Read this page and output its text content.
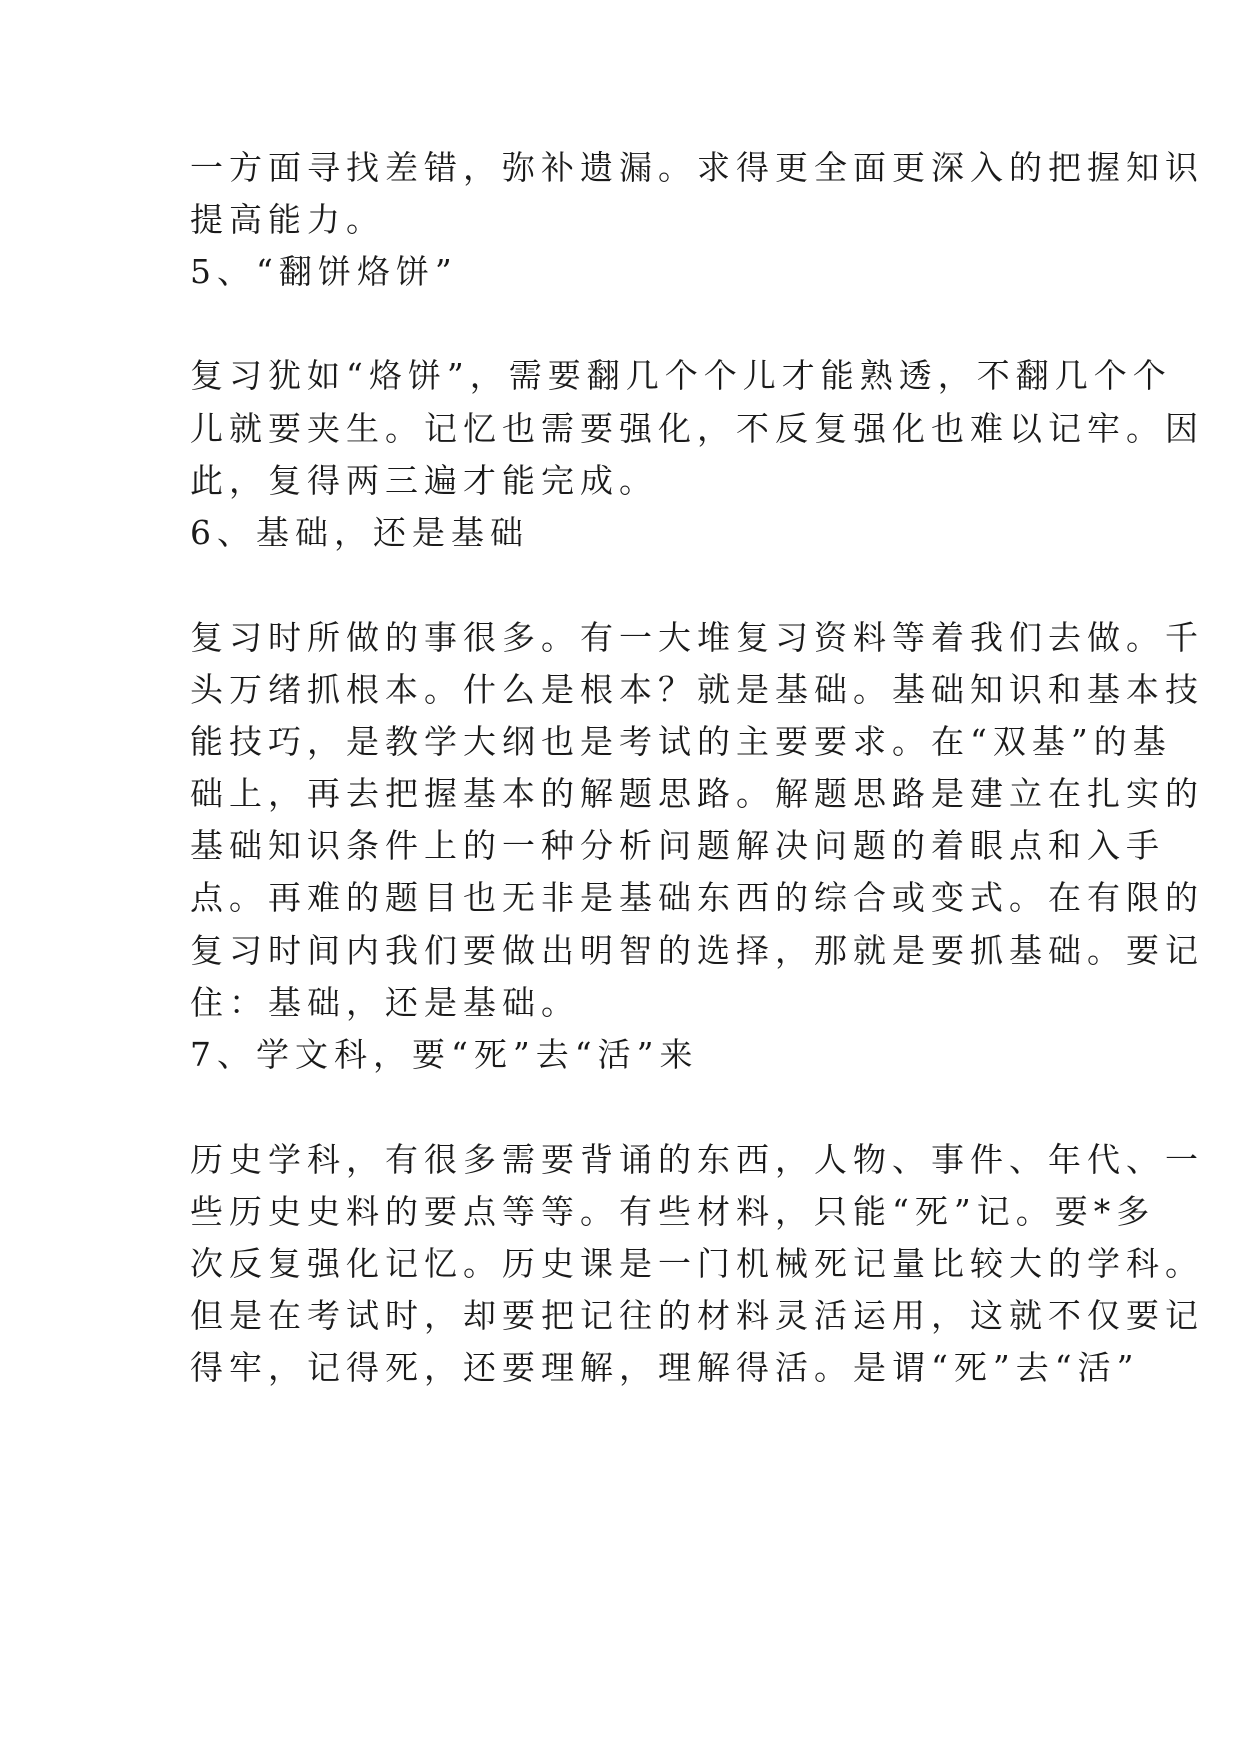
一方面寻找差错，弥补遗漏。求得更全面更深入的把握知识
提高能力。
5、“翻饼烙饼”
复习犹如“烙饼”，需要翻几个个儿才能熟透，不翻几个个
儿就要夹生。记忆也需要强化，不反复强化也难以记牢。因
此，复得两三遍才能完成。
6、基础，还是基础
复习时所做的事很多。有一大堆复习资料等着我们去做。千
头万绪抓根本。什么是根本？就是基础。基础知识和基本技
能技巧，是教学大纲也是考试的主要要求。在“双基”的基
础上，再去把握基本的解题思路。解题思路是建立在扎实的
基础知识条件上的一种分析问题解决问题的着眼点和入手
点。再难的题目也无非是基础东西的综合或变式。在有限的
复习时间内我们要做出明智的选择，那就是要抓基础。要记
住：基础，还是基础。
7、学文科，要“死”去“活”来
历史学科，有很多需要背诵的东西，人物、事件、年代、一
些历史史料的要点等等。有些材料，只能“死”记。要*多
次反复强化记忆。历史课是一门机械死记量比较大的学科。
但是在考试时，却要把记往的材料灵活运用，这就不仅要记
得牢，记得死，还要理解，理解得活。是谓“死”去“活”
